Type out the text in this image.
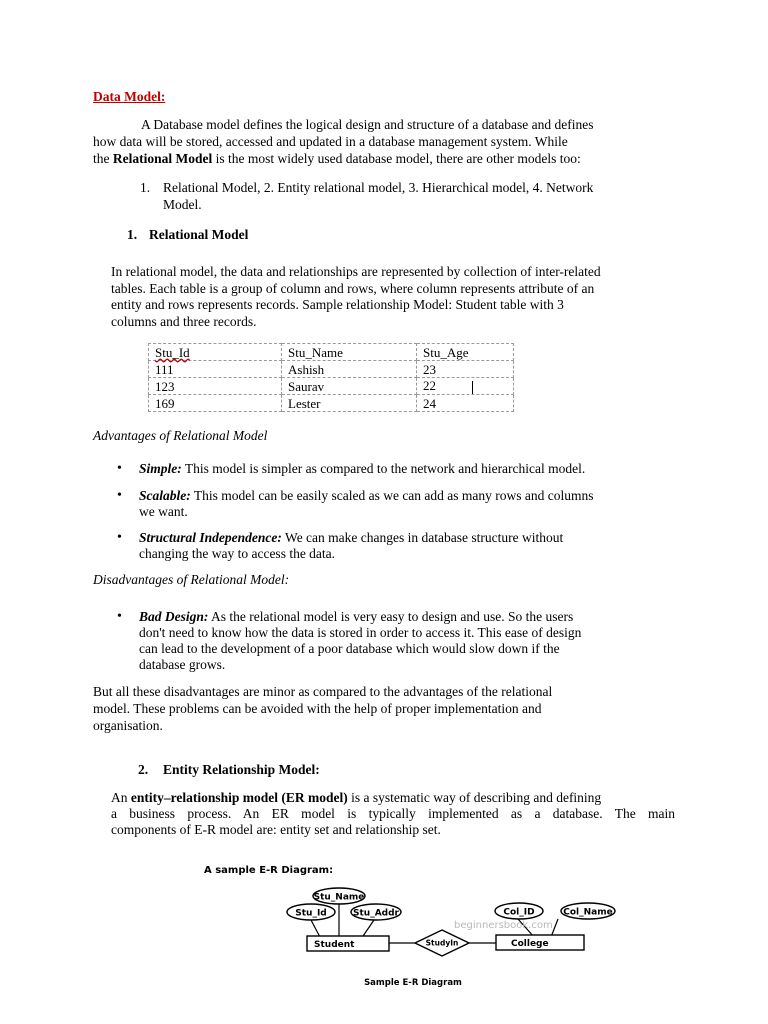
Data Model:
A Database model defines the logical design and structure of a database and defines
how data will be stored, accessed and updated in a database management system. While
the Relational Model is the most widely used database model, there are other models too:
1. Relational Model, 2. Entity relational model, 3. Hierarchical model, 4. Network
Model.
1. Relational Model
In relational model, the data and relationships are represented by collection of inter-related
tables. Each table is a group of column and rows, where column represents attribute of an
entity and rows represents records. Sample relationship Model: Student table with 3
columns and three records.
Stu_Id	Stu_Name	Stu_Age
111	Ashish	23
123	Saurav	22
169	Lester	24
Advantages of Relational Model
• Simple: This model is simpler as compared to the network and hierarchical model.
• Scalable: This model can be easily scaled as we can add as many rows and columns
we want.
• Structural Independence: We can make changes in database structure without
changing the way to access the data.
Disadvantages of Relational Model:
• Bad Design: As the relational model is very easy to design and use. So the users
don't need to know how the data is stored in order to access it. This ease of design
can lead to the development of a poor database which would slow down if the
database grows.
But all these disadvantages are minor as compared to the advantages of the relational
model. These problems can be avoided with the help of proper implementation and
organisation.
2. Entity Relationship Model:
An entity–relationship model (ER model) is a systematic way of describing and defining
a business process. An ER model is typically implemented as a database. The main
components of E-R model are: entity set and relationship set.
A sample E-R Diagram:
Stu_Name
Stu_Id	Stu_Addr	Col_ID	Col_Name
beginnersbook.com
Student	College
StudyIn
Sample E-R Diagram
